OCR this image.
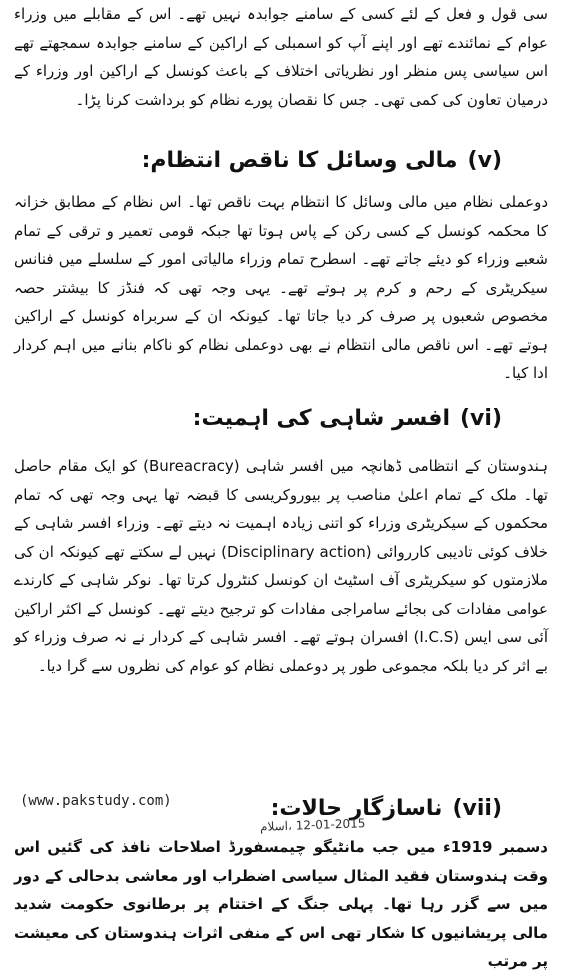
سی قول و فعل کے لئے کسی کے سامنے جوابدہ نہیں تھے۔ اس کے مقابلے میں وزراء عوام کے نمائندے تھے اور اپنے آپ کو اسمبلی کے اراکین کے سامنے جوابدہ سمجھتے تھے اس سیاسی پس منظر اور نظریاتی اختلاف کے باعث کونسل کے اراکین اور وزراء کے درمیان تعاون کی کمی تھی۔ جس کا نقصان پورے نظام کو برداشت کرنا پڑا۔

(v)مالی وسائل کا ناقص انتظام:

دوعملی نظام میں مالی وسائل کا انتظام بہت ناقص تھا۔ اس نظام کے مطابق خزانہ کا محکمہ کونسل کے کسی رکن کے پاس ہوتا تھا جبکہ قومی تعمیر و ترقی کے تمام شعبے وزراء کو دیئے جاتے تھے۔ اسطرح تمام وزراء مالیاتی امور کے سلسلے میں فنانس سیکریٹری کے رحم و کرم پر ہوتے تھے۔ یہی وجہ تھی کہ فنڈز کا بیشتر حصہ مخصوص شعبوں پر صرف کر دیا جاتا تھا۔ کیونکہ ان کے سربراہ کونسل کے اراکین ہوتے تھے۔ اس ناقص مالی انتظام نے بھی دوعملی نظام کو ناکام بنانے میں اہم کردار ادا کیا۔

(vi)افسر شاہی کی اہمیت:

ہندوستان کے انتظامی ڈھانچہ میں افسر شاہی (Bureacracy) کو ایک مقام حاصل تھا۔ ملک کے تمام اعلیٰ مناصب پر بیوروکریسی کا قبضہ تھا یہی وجہ تھی کہ تمام محکموں کے سیکریٹری وزراء کو اتنی زیادہ اہمیت نہ دیتے تھے۔ وزراء افسر شاہی کے خلاف کوئی تادیبی کارروائی (Disciplinary action) نہیں لے سکتے تھے کیونکہ ان کی ملازمتوں کو سیکریٹری آف اسٹیٹ ان کونسل کنٹرول کرتا تھا۔ نوکر شاہی کے کارندے عوامی مفادات کی بجائے سامراجی مفادات کو ترجیح دیتے تھے۔ کونسل کے اکثر اراکین آئی سی ایس (I.C.S) افسران ہوتے تھے۔ افسر شاہی کے کردار نے نہ صرف وزراء کو بے اثر کر دیا بلکہ مجموعی طور پر دوعملی نظام کو عوام کی نظروں سے گرا دیا۔

(www.pakstudy.com)	(vii)ناسازگار حالات:
12-01-2015 ،اسلام

دسمبر 1919ء میں جب مانٹیگو چیمسفورڈ اصلاحات نافذ کی گئیں اس وقت ہندوستان فقید المثال سیاسی اضطراب اور معاشی بدحالی کے دور میں سے گزر رہا تھا۔ پہلی جنگ کے اختتام پر برطانوی حکومت شدید مالی پریشانیوں کا شکار تھی اس کے منفی اثرات ہندوستان کی معیشت پر مرتب
